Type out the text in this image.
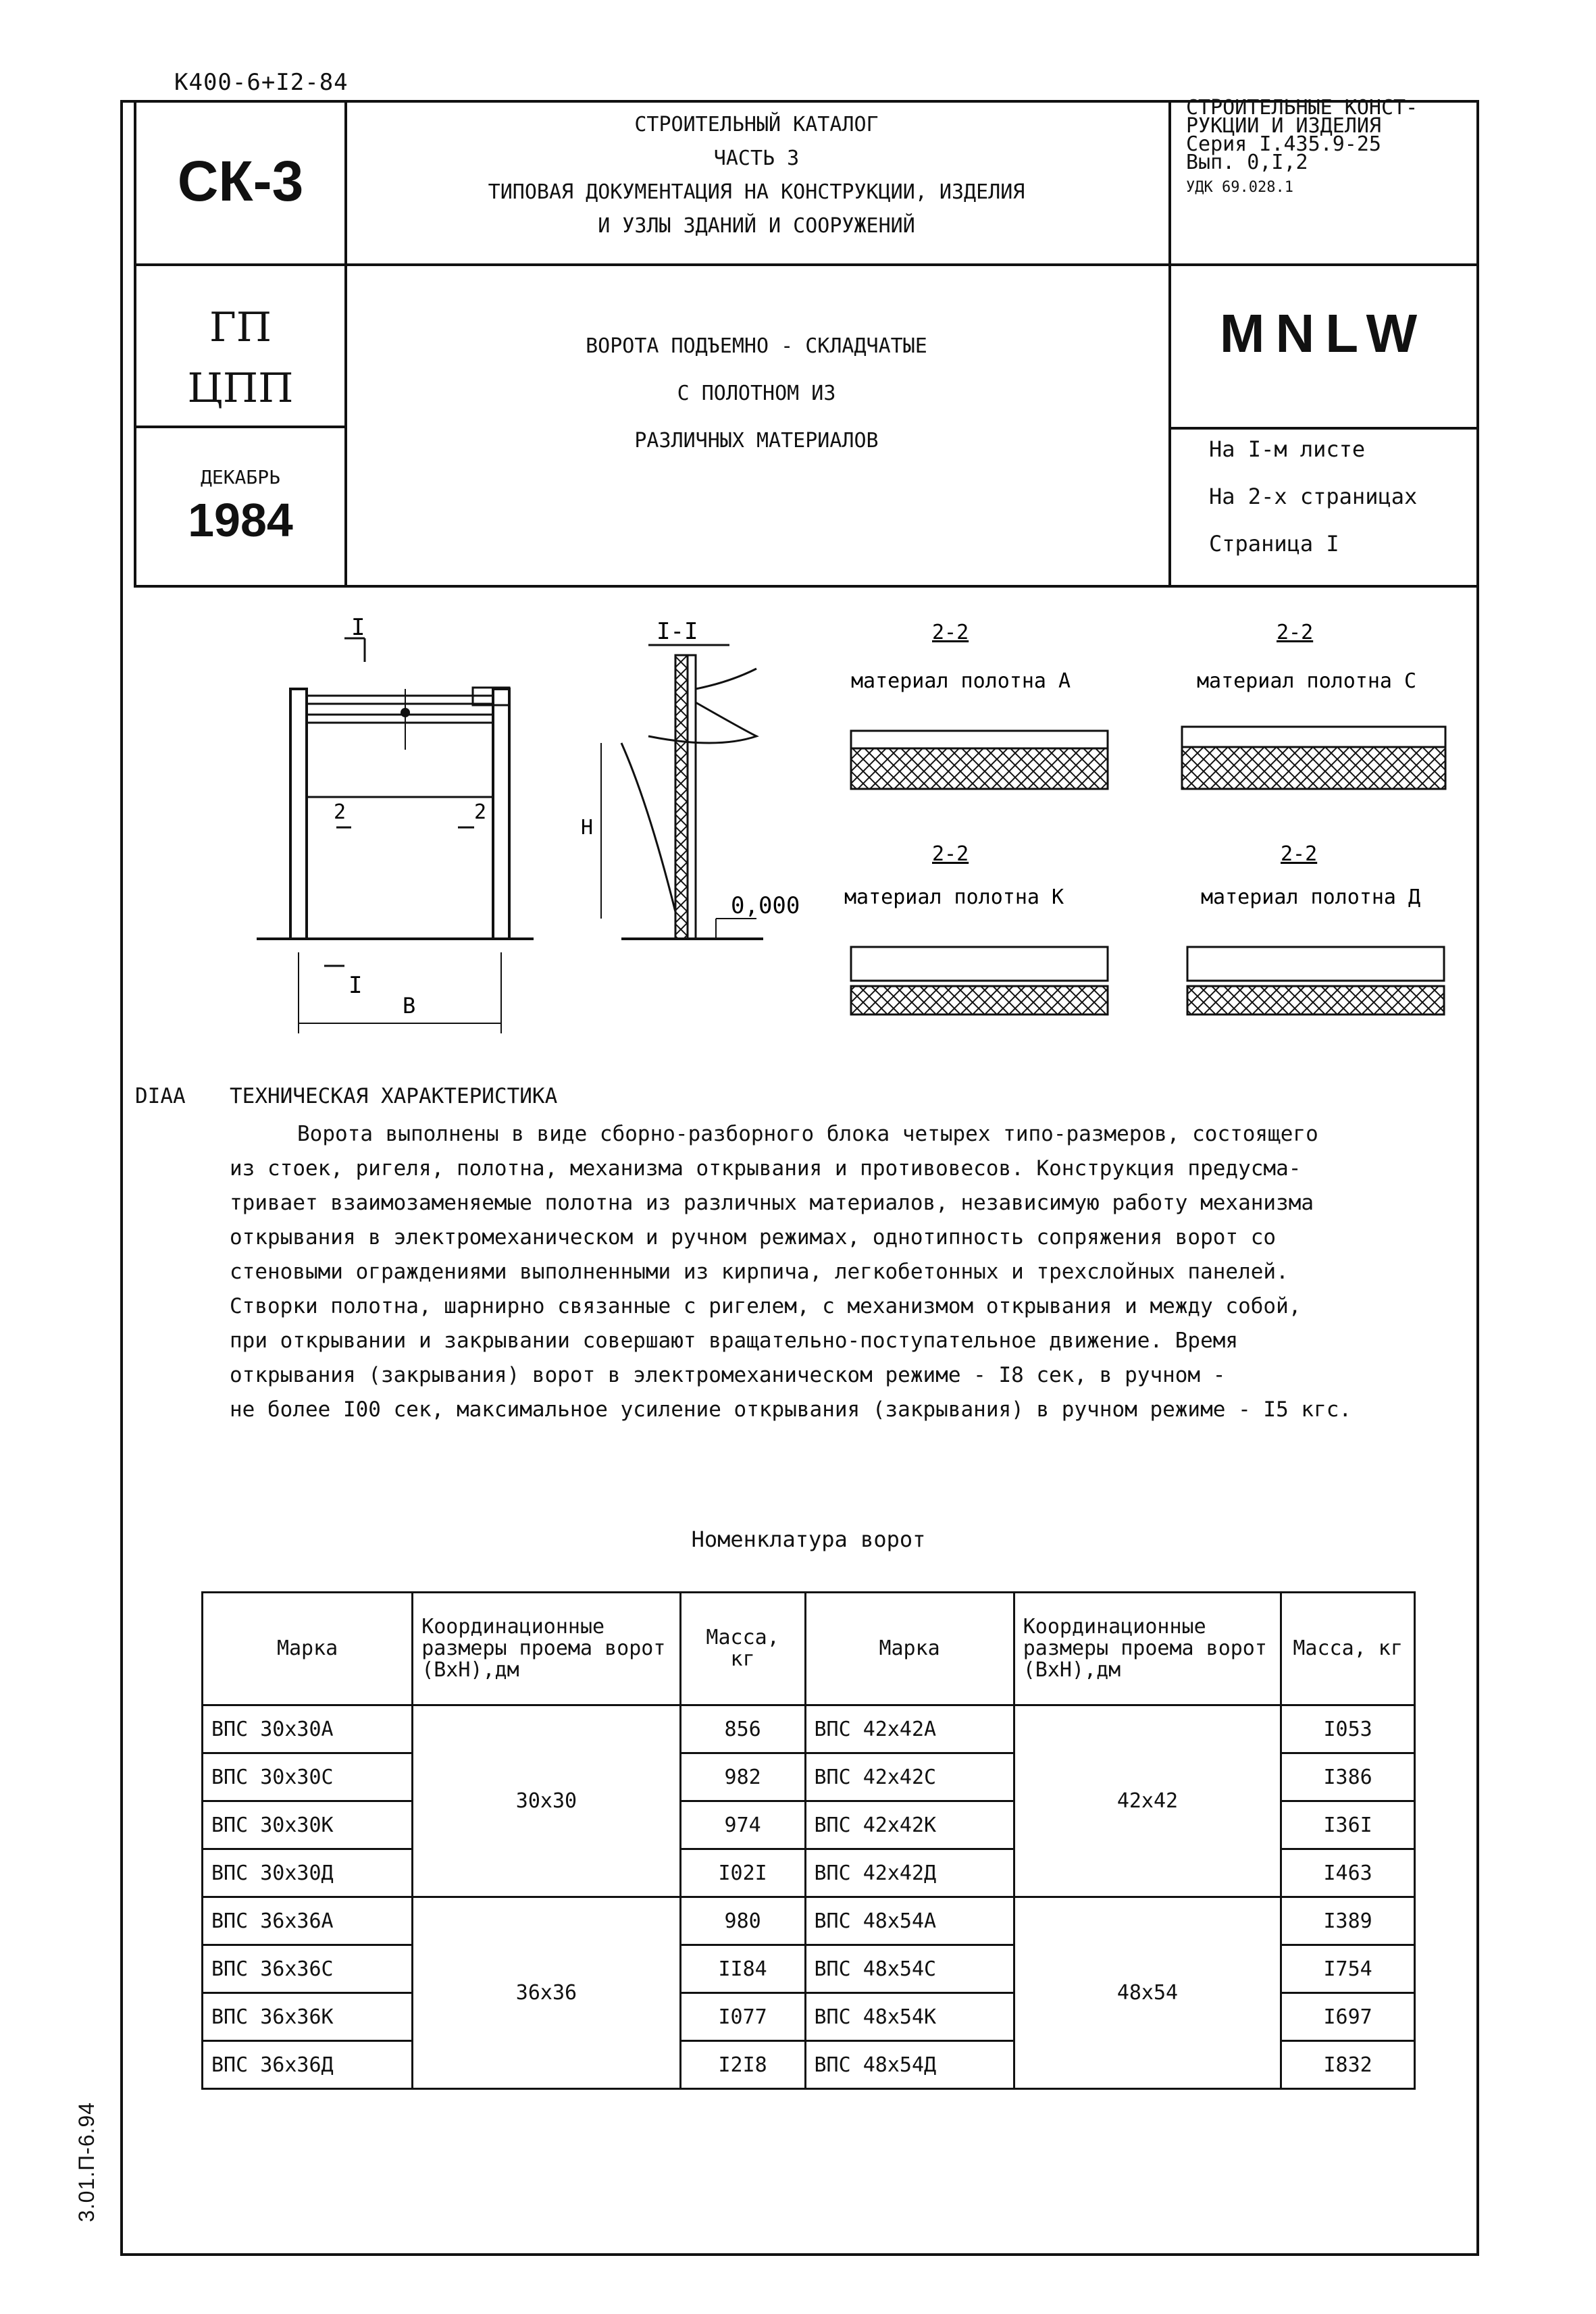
К400-6+I2-84
3.01.П-6.94
СК-3
СТРОИТЕЛЬНЫЙ КАТАЛОГ
ЧАСТЬ 3
ТИПОВАЯ ДОКУМЕНТАЦИЯ НА КОНСТРУКЦИИ, ИЗДЕЛИЯ
И УЗЛЫ ЗДАНИЙ И СООРУЖЕНИЙ
СТРОИТЕЛЬНЫЕ КОНСТ-
РУКЦИИ И ИЗДЕЛИЯ
Серия I.435.9-25
Вып. 0,I,2
УДК 69.028.1
ГП
ЦПП
ДЕКАБРЬ
1984
ВОРОТА ПОДЪЕМНО - СКЛАДЧАТЫЕ
С ПОЛОТНОМ ИЗ
РАЗЛИЧНЫХ МАТЕРИАЛОВ
MNLW
На I-м листе
На 2-х страницах
Страница I
I
2	2
I
В
I-I
Н
0,000
2-2
материал полотна А
2-2
материал полотна С
2-2
материал полотна К
2-2
материал полотна Д
DIAA ТЕХНИЧЕСКАЯ ХАРАКТЕРИСТИКА
Ворота выполнены в виде сборно-разборного блока четырех типо-размеров, состоящего
из стоек, ригеля, полотна, механизма открывания и противовесов. Конструкция предусма-
тривает взаимозаменяемые полотна из различных материалов, независимую работу механизма
открывания в электромеханическом и ручном режимах, однотипность сопряжения ворот со
стеновыми ограждениями выполненными из кирпича, легкобетонных и трехслойных панелей.
Створки полотна, шарнирно связанные с ригелем, с механизмом открывания и между собой,
при открывании и закрывании совершают вращательно-поступательное движение. Время
открывания (закрывания) ворот в электромеханическом режиме - I8 сек, в ручном -
не более I00 сек, максимальное усиление открывания (закрывания) в ручном режиме - I5 кгс.
Номенклатура ворот
Марка	Координационные размеры проема ворот (ВхН),дм	Масса, кг	Марка	Координационные размеры проема ворот (ВхН),дм	Масса, кг
ВПС 30х30А	30х30	856	ВПС 42х42А	42х42	I053
ВПС 30х30С		982	ВПС 42х42С		I386
ВПС 30х30К		974	ВПС 42х42К		I36I
ВПС 30х30Д		I02I	ВПС 42х42Д		I463
ВПС 36х36А	36х36	980	ВПС 48х54А	48х54	I389
ВПС 36х36С		II84	ВПС 48х54С		I754
ВПС 36х36К		I077	ВПС 48х54К		I697
ВПС 36х36Д		I2I8	ВПС 48х54Д		I832
